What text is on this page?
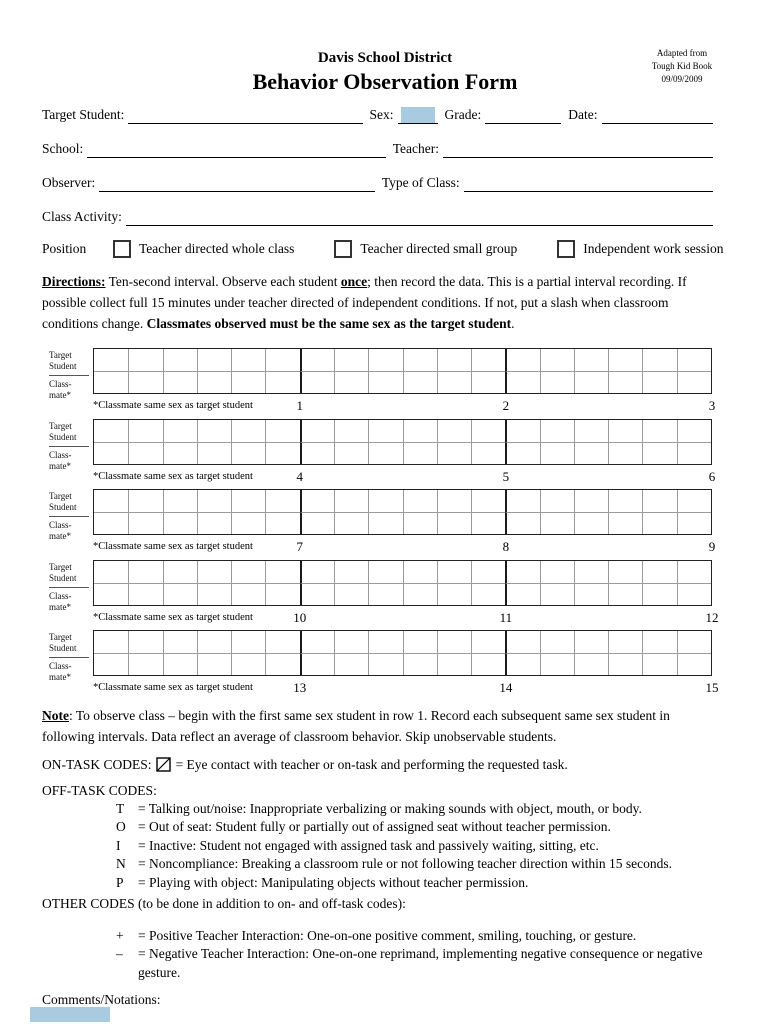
Davis School District
Behavior Observation Form
Adapted from
Tough Kid Book
09/09/2009
Target Student:	Sex:	Grade:	Date:
School:	Teacher:
Observer:	Type of Class:
Class Activity:
Position	Teacher directed whole class	Teacher directed small group	Independent work session
Directions: Ten-second interval. Observe each student once; then record the data. This is a partial interval recording. If possible collect full 15 minutes under teacher directed of independent conditions. If not, put a slash when classroom conditions change. Classmates observed must be the same sex as the target student.
Target Student
Class-mate*
*Classmate same sex as target student	1	2	3
Target Student
Class-mate*
*Classmate same sex as target student	4	5	6
Target Student
Class-mate*
*Classmate same sex as target student	7	8	9
Target Student
Class-mate*
*Classmate same sex as target student	10	11	12
Target Student
Class-mate*
*Classmate same sex as target student	13	14	15

Note: To observe class – begin with the first same sex student in row 1. Record each subsequent same sex student in following intervals. Data reflect an average of classroom behavior. Skip unobservable students.

ON-TASK CODES: = Eye contact with teacher or on-task and performing the requested task.

OFF-TASK CODES:

T	= Talking out/noise: Inappropriate verbalizing or making sounds with object, mouth, or body.
O = Out of seat: Student fully or partially out of assigned seat without teacher permission.
I	= Inactive: Student not engaged with assigned task and passively waiting, sitting, etc.
N = Noncompliance: Breaking a classroom rule or not following teacher direction within 15 seconds.
P	= Playing with object: Manipulating objects without teacher permission.

OTHER CODES (to be done in addition to on- and off-task codes):

+	= Positive Teacher Interaction: One-on-one positive comment, smiling, touching, or gesture.
–	= Negative Teacher Interaction: One-on-one reprimand, implementing negative consequence or negative gesture.

Comments/Notations:
